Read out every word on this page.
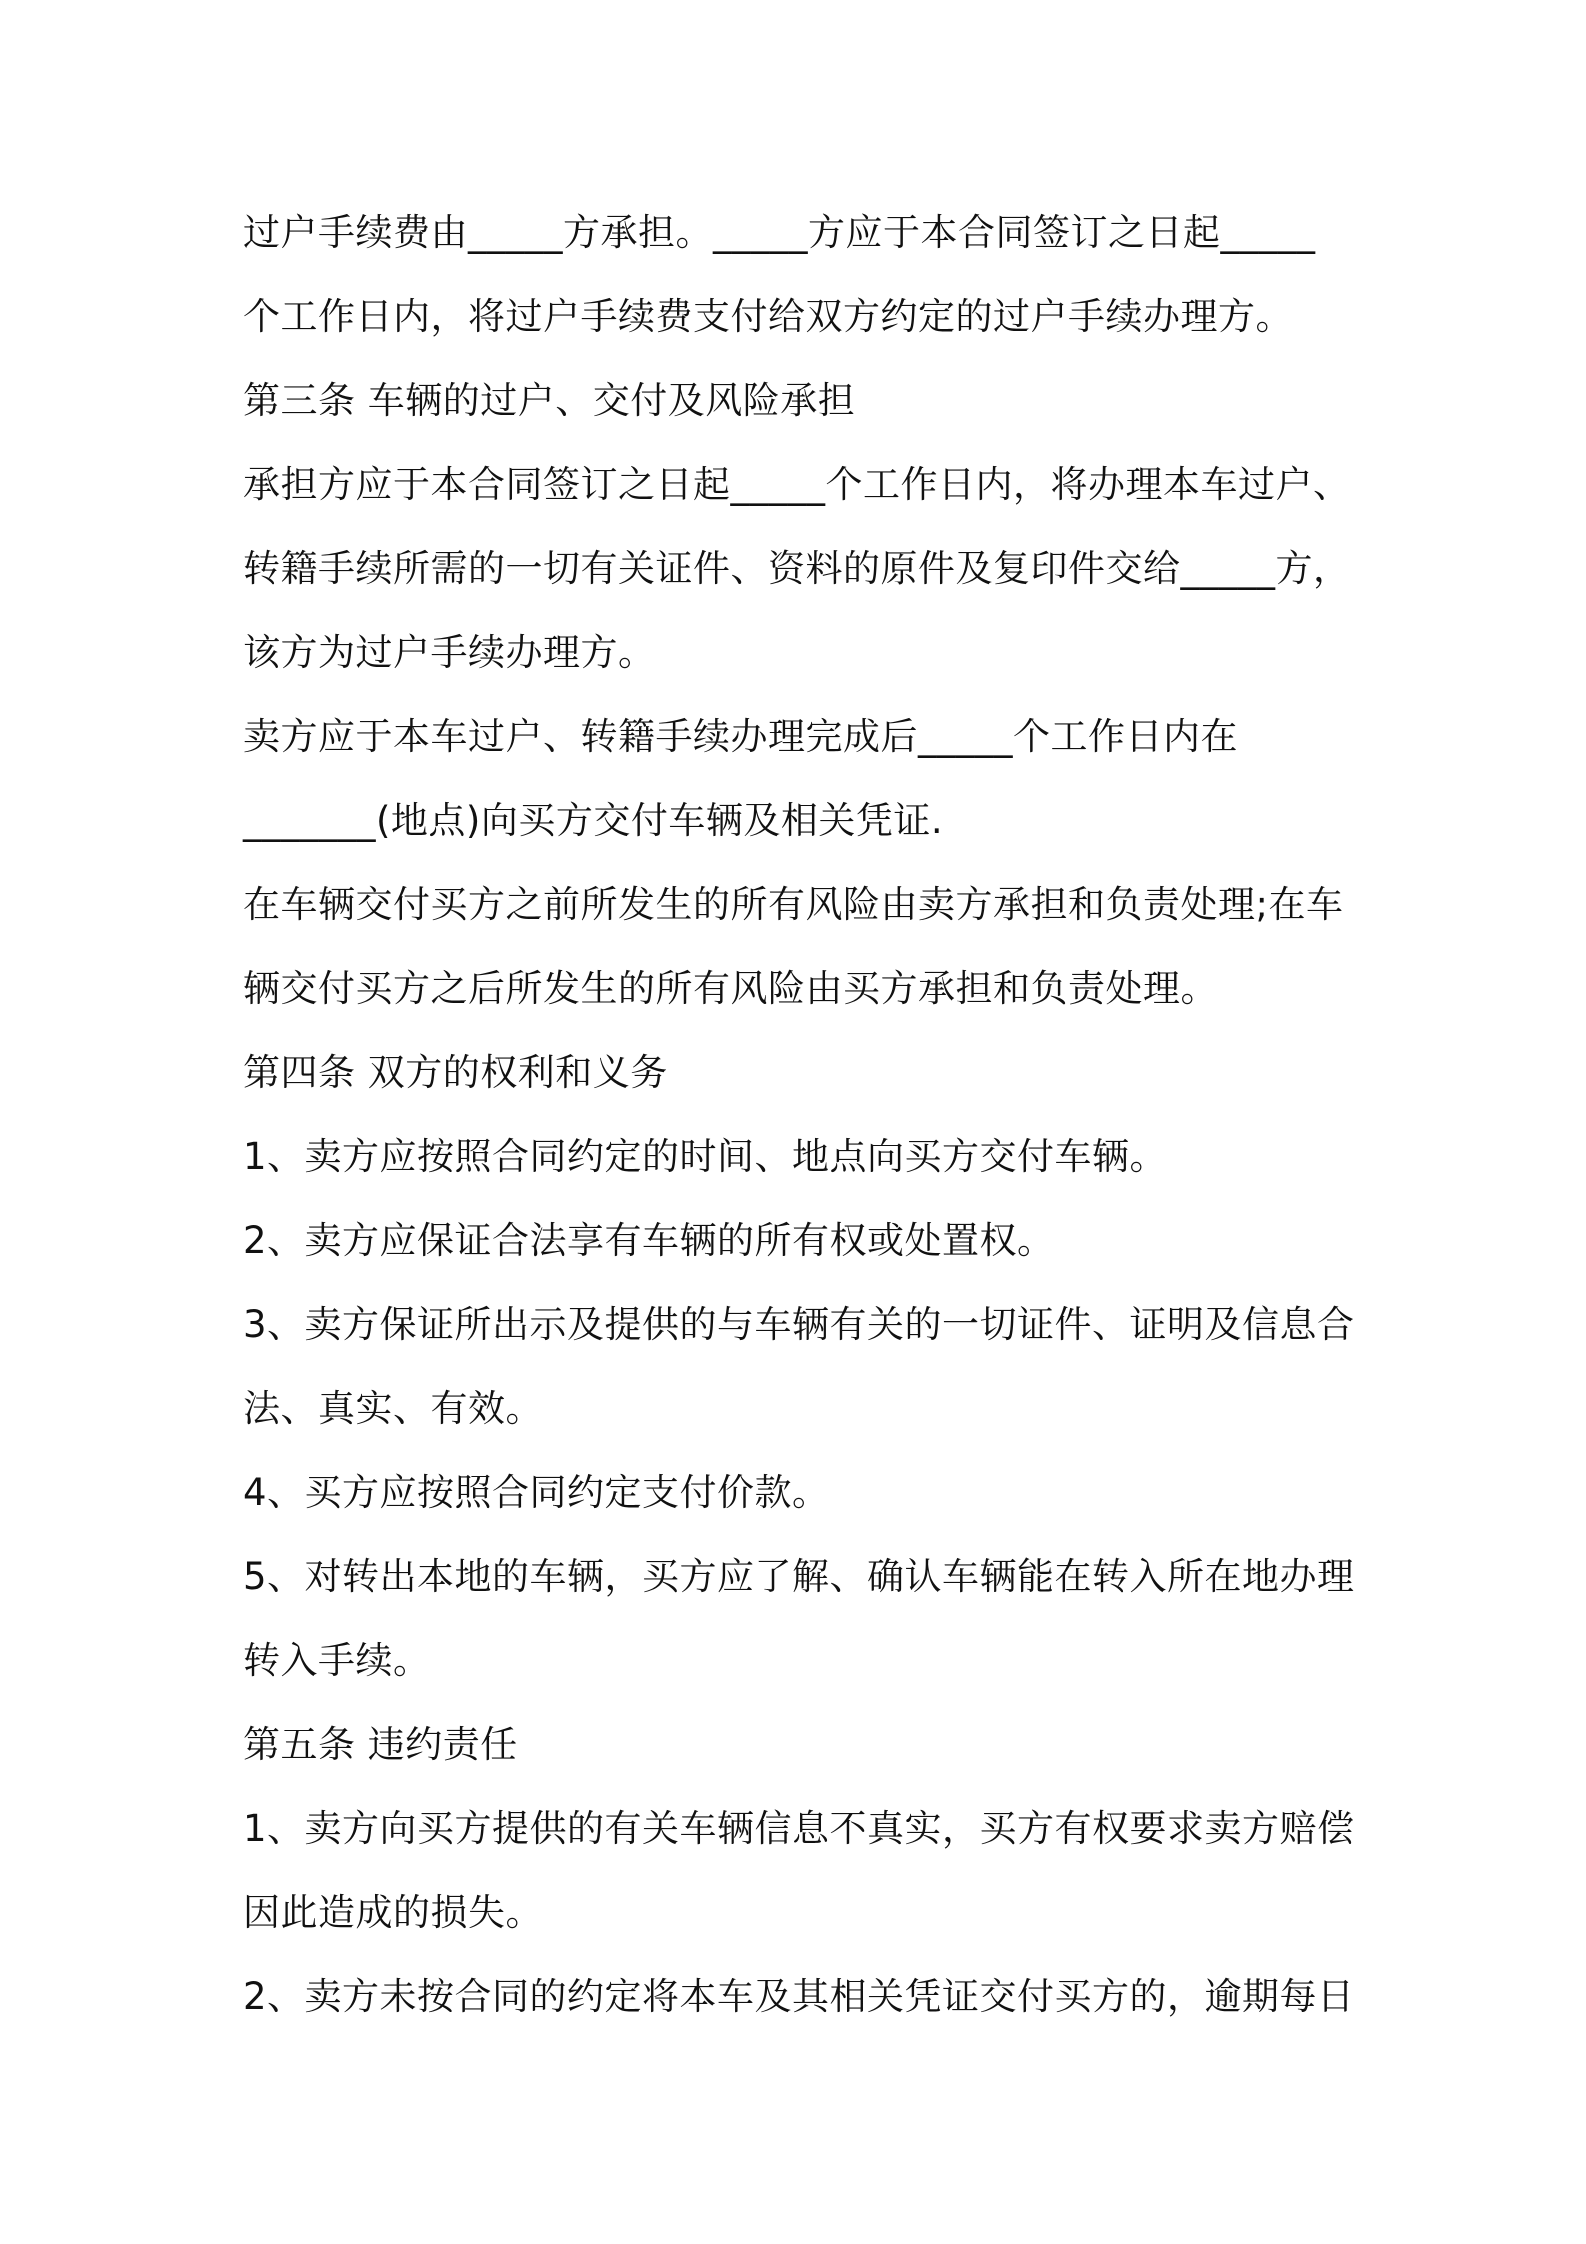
过户手续费由_____方承担。_____方应于本合同签订之日起_____
个工作日内，将过户手续费支付给双方约定的过户手续办理方。
第三条 车辆的过户、交付及风险承担
承担方应于本合同签订之日起_____个工作日内，将办理本车过户、
转籍手续所需的一切有关证件、资料的原件及复印件交给_____方，
该方为过户手续办理方。
卖方应于本车过户、转籍手续办理完成后_____个工作日内在
_______(地点)向买方交付车辆及相关凭证.
在车辆交付买方之前所发生的所有风险由卖方承担和负责处理;在车
辆交付买方之后所发生的所有风险由买方承担和负责处理。
第四条 双方的权利和义务
1、卖方应按照合同约定的时间、地点向买方交付车辆。
2、卖方应保证合法享有车辆的所有权或处置权。
3、卖方保证所出示及提供的与车辆有关的一切证件、证明及信息合
法、真实、有效。
4、买方应按照合同约定支付价款。
5、对转出本地的车辆，买方应了解、确认车辆能在转入所在地办理
转入手续。
第五条 违约责任
1、卖方向买方提供的有关车辆信息不真实，买方有权要求卖方赔偿
因此造成的损失。
2、卖方未按合同的约定将本车及其相关凭证交付买方的，逾期每日
